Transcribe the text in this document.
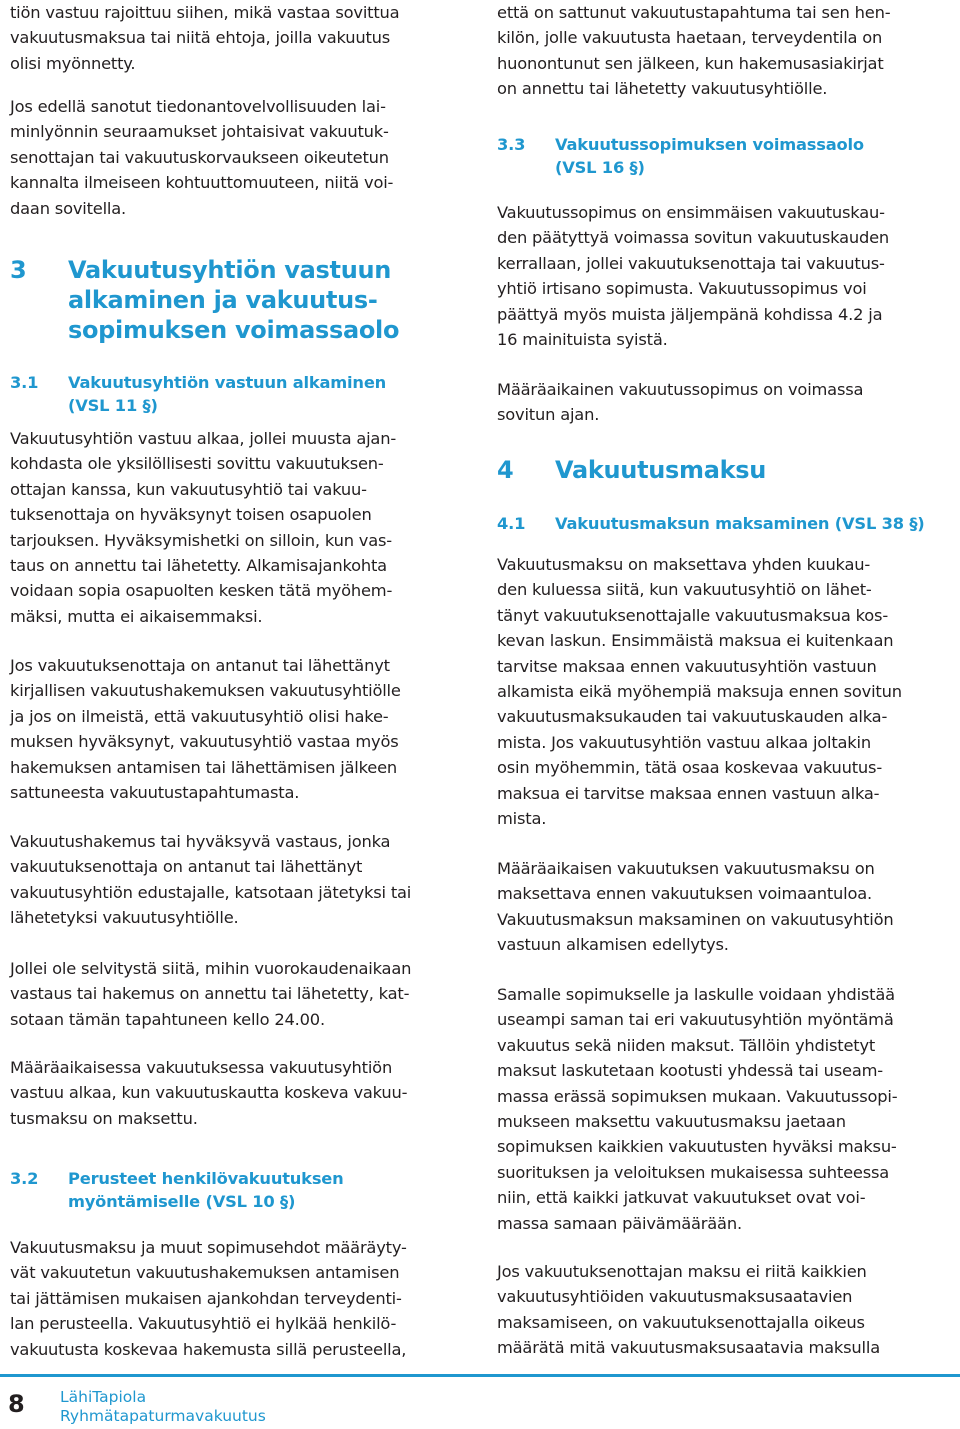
tiön vastuu rajoittuu siihen, mikä vastaa sovittua
vakuutusmaksua tai niitä ehtoja, joilla vakuutus
olisi myönnetty.

Jos edellä sanotut tiedonantovelvollisuuden lai-
minlyönnin seuraamukset johtaisivat vakuutuk-
senottajan tai vakuutuskorvaukseen oikeutetun
kannalta ilmeiseen kohtuuttomuuteen, niitä voi-
daan sovitella.

3	Vakuutusyhtiön vastuun
alkaminen ja vakuutus-
sopimuksen voimassaolo
3.1	Vakuutusyhtiön vastuun alkaminen
(VSL 11 §)

Vakuutusyhtiön vastuu alkaa, jollei muusta ajan-
kohdasta ole yksilöllisesti sovittu vakuutuksen-
ottajan kanssa, kun vakuutusyhtiö tai vakuu-
tuksenottaja on hyväksynyt toisen osapuolen
tarjouksen. Hyväksymishetki on silloin, kun vas-
taus on annettu tai lähetetty. Alkamisajankohta
voidaan sopia osapuolten kesken tätä myöhem-
mäksi, mutta ei aikaisemmaksi.

Jos vakuutuksenottaja on antanut tai lähettänyt
kirjallisen vakuutushakemuksen vakuutusyhtiölle
ja jos on ilmeistä, että vakuutusyhtiö olisi hake-
muksen hyväksynyt, vakuutusyhtiö vastaa myös
hakemuksen antamisen tai lähettämisen jälkeen
sattuneesta vakuutustapahtumasta.

Vakuutushakemus tai hyväksyvä vastaus, jonka
vakuutuksenottaja on antanut tai lähettänyt
vakuutusyhtiön edustajalle, katsotaan jätetyksi tai
lähetetyksi vakuutusyhtiölle.

Jollei ole selvitystä siitä, mihin vuorokaudenaikaan
vastaus tai hakemus on annettu tai lähetetty, kat-
sotaan tämän tapahtuneen kello 24.00.

Määräaikaisessa vakuutuksessa vakuutusyhtiön
vastuu alkaa, kun vakuutuskautta koskeva vakuu-
tusmaksu on maksettu.

3.2	Perusteet henkilövakuutuksen
myöntämiselle (VSL 10 §)

Vakuutusmaksu ja muut sopimusehdot määräyty-
vät vakuutetun vakuutushakemuksen antamisen
tai jättämisen mukaisen ajankohdan terveydenti-
lan perusteella. Vakuutusyhtiö ei hylkää henkilö-
vakuutusta koskevaa hakemusta sillä perusteella,

että on sattunut vakuutustapahtuma tai sen hen-
kilön, jolle vakuutusta haetaan, terveydentila on
huonontunut sen jälkeen, kun hakemusasiakirjat
on annettu tai lähetetty vakuutusyhtiölle.

3.3	Vakuutussopimuksen voimassaolo
(VSL 16 §)

Vakuutussopimus on ensimmäisen vakuutuskau-
den päätyttyä voimassa sovitun vakuutuskauden
kerrallaan, jollei vakuutuksenottaja tai vakuutus-
yhtiö irtisano sopimusta. Vakuutussopimus voi
päättyä myös muista jäljempänä kohdissa 4.2 ja
16 mainituista syistä.

Määräaikainen vakuutussopimus on voimassa
sovitun ajan.

4	Vakuutusmaksu
4.1	Vakuutusmaksun maksaminen (VSL 38 §)

Vakuutusmaksu on maksettava yhden kuukau-
den kuluessa siitä, kun vakuutusyhtiö on lähet-
tänyt vakuutuksenottajalle vakuutusmaksua kos-
kevan laskun. Ensimmäistä maksua ei kuitenkaan
tarvitse maksaa ennen vakuutusyhtiön vastuun
alkamista eikä myöhempiä maksuja ennen sovitun
vakuutusmaksukauden tai vakuutuskauden alka-
mista. Jos vakuutusyhtiön vastuu alkaa joltakin
osin myöhemmin, tätä osaa koskevaa vakuutus-
maksua ei tarvitse maksaa ennen vastuun alka-
mista.

Määräaikaisen vakuutuksen vakuutusmaksu on
maksettava ennen vakuutuksen voimaantuloa.
Vakuutusmaksun maksaminen on vakuutusyhtiön
vastuun alkamisen edellytys.

Samalle sopimukselle ja laskulle voidaan yhdistää
useampi saman tai eri vakuutusyhtiön myöntämä
vakuutus sekä niiden maksut. Tällöin yhdistetyt
maksut laskutetaan kootusti yhdessä tai useam-
massa erässä sopimuksen mukaan. Vakuutussopi-
mukseen maksettu vakuutusmaksu jaetaan
sopimuksen kaikkien vakuutusten hyväksi maksu-
suorituksen ja veloituksen mukaisessa suhteessa
niin, että kaikki jatkuvat vakuutukset ovat voi-
massa samaan päivämäärään.

Jos vakuutuksenottajan maksu ei riitä kaikkien
vakuutusyhtiöiden vakuutusmaksusaatavien
maksamiseen, on vakuutuksenottajalla oikeus
määrätä mitä vakuutusmaksusaatavia maksulla

8 LähiTapiola
Ryhmätapaturmavakuutus
